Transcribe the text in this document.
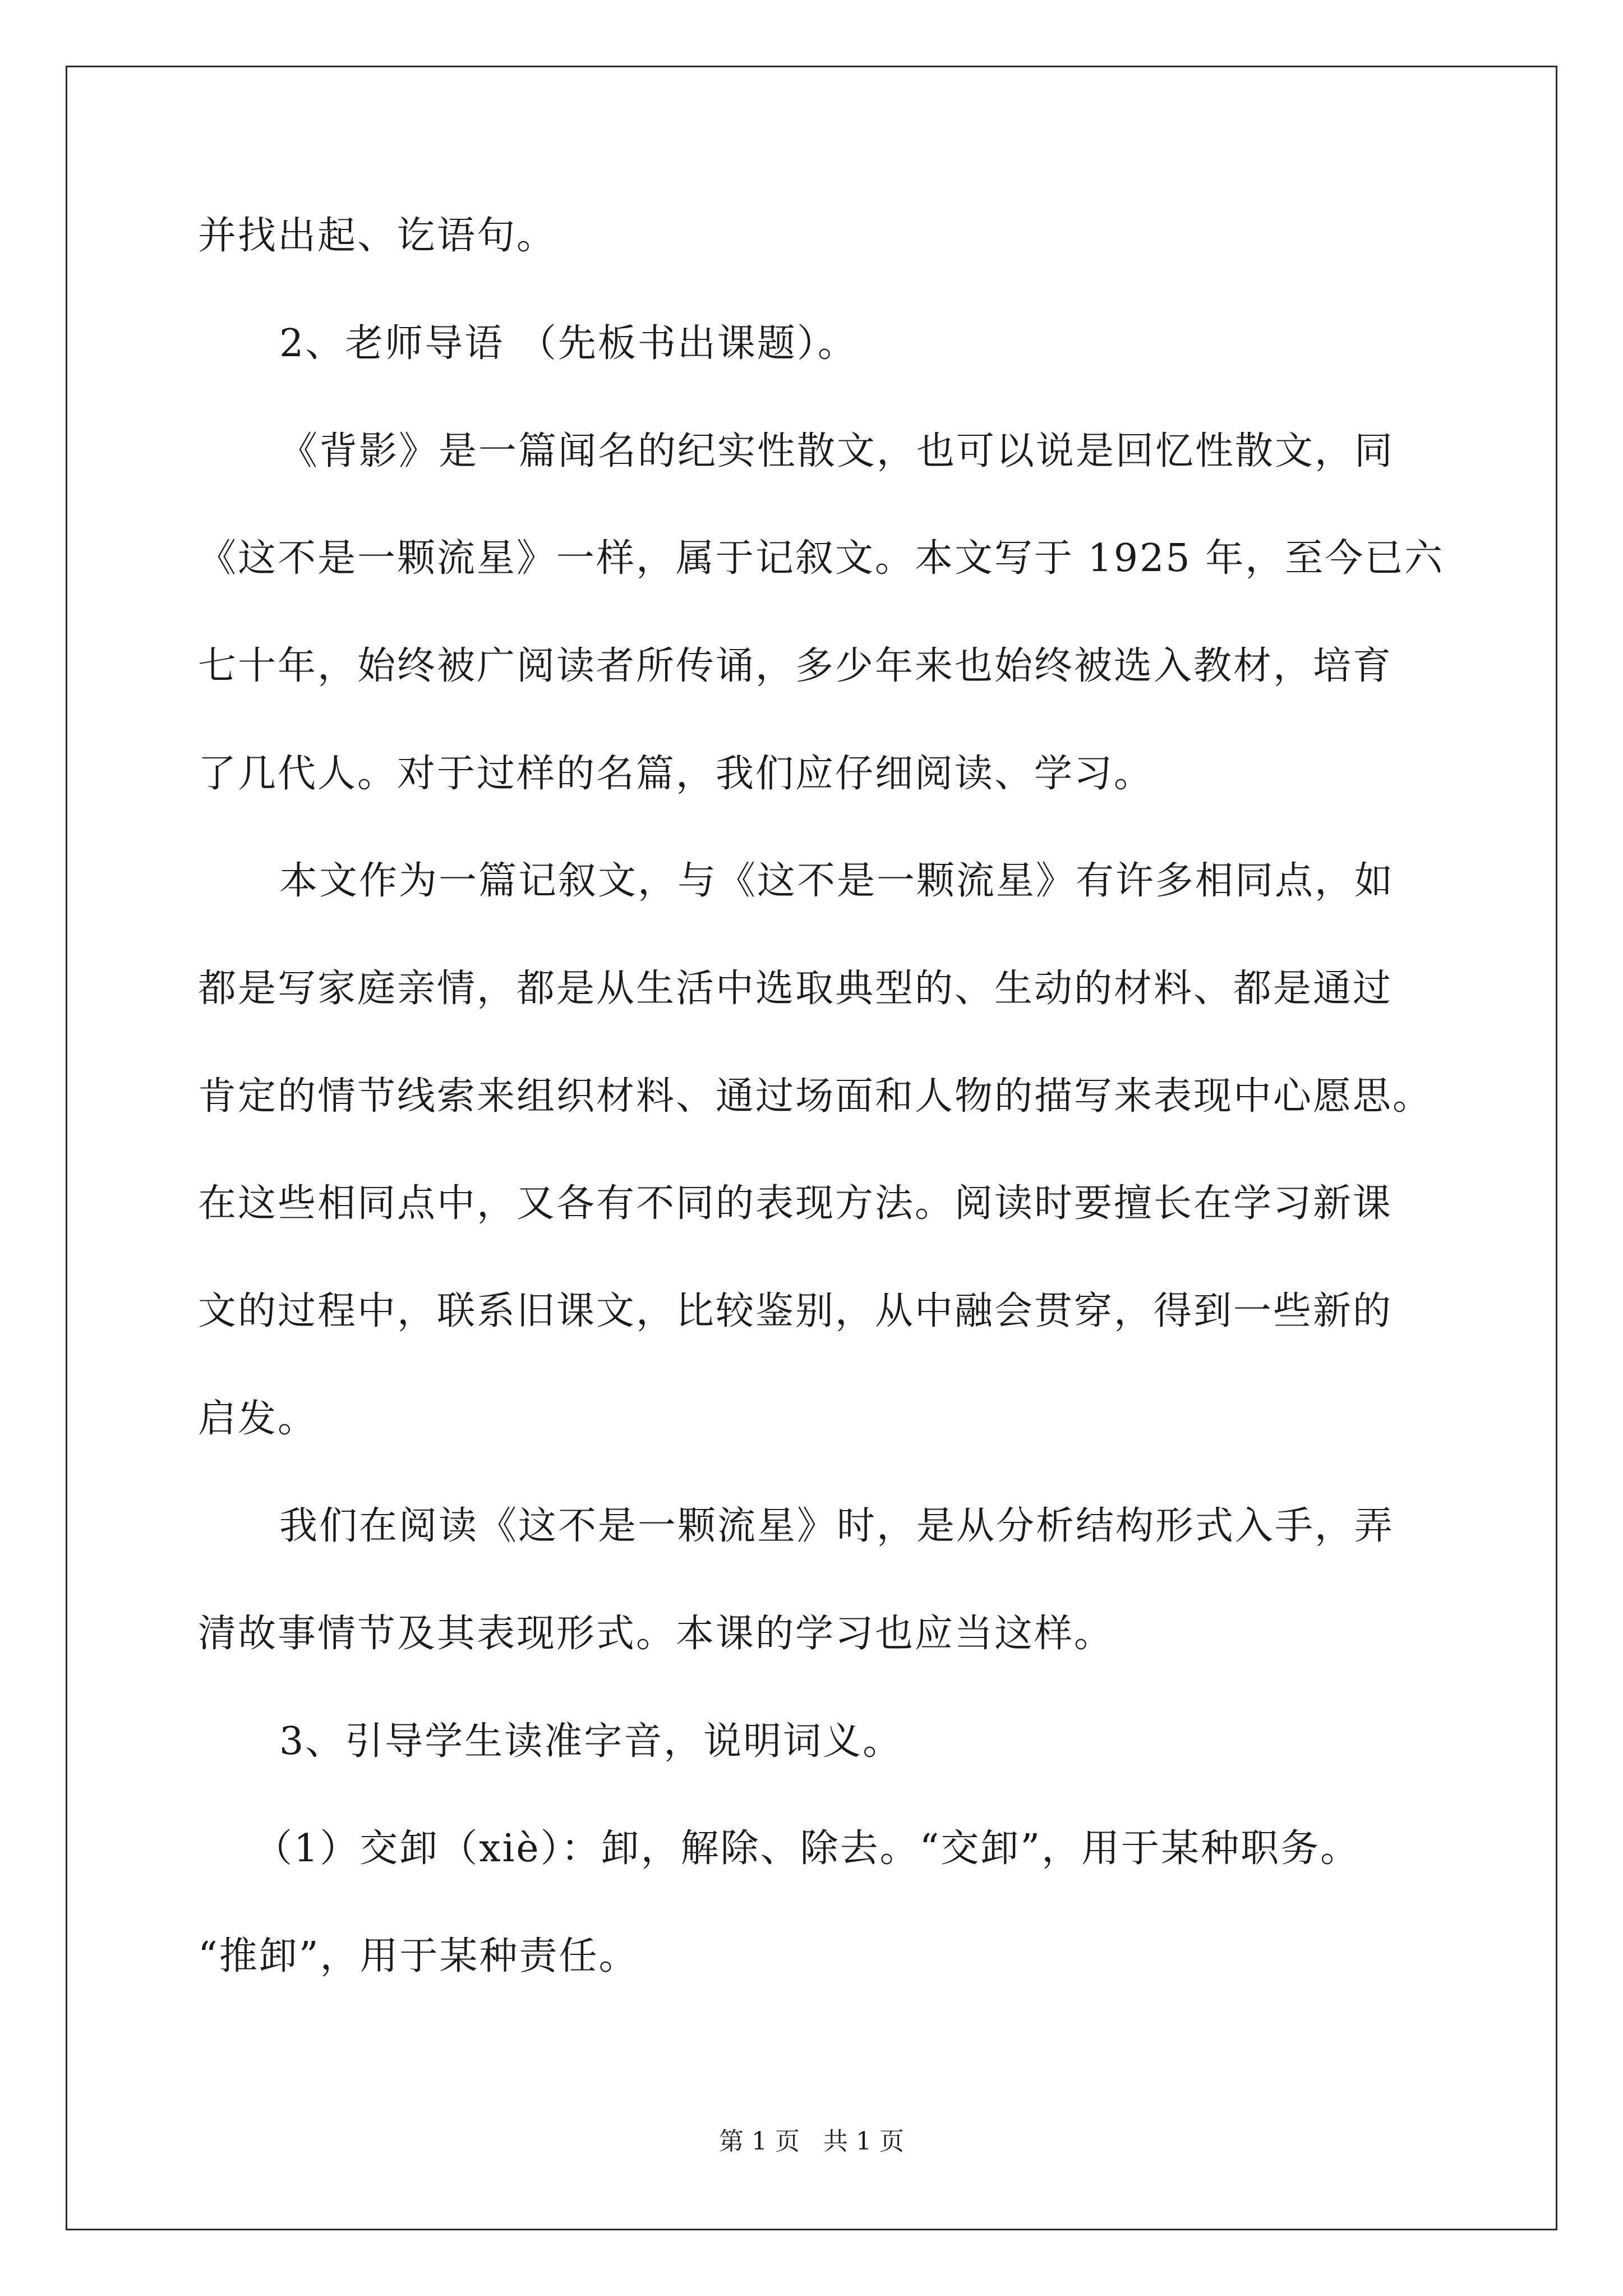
并找出起、讫语句。
2、老师导语 （先板书出课题）。
《背影》是一篇闻名的纪实性散文，也可以说是回忆性散文，同
《这不是一颗流星》一样，属于记叙文。本文写于 1925 年，至今已六
七十年，始终被广阅读者所传诵，多少年来也始终被选入教材，培育
了几代人。对于过样的名篇，我们应仔细阅读、学习。
本文作为一篇记叙文，与《这不是一颗流星》有许多相同点，如
都是写家庭亲情，都是从生活中选取典型的、生动的材料、都是通过
肯定的情节线索来组织材料、通过场面和人物的描写来表现中心愿思。
在这些相同点中，又各有不同的表现方法。阅读时要擅长在学习新课
文的过程中，联系旧课文，比较鉴别，从中融会贯穿，得到一些新的
启发。
我们在阅读《这不是一颗流星》时，是从分析结构形式入手，弄
清故事情节及其表现形式。本课的学习也应当这样。
3、引导学生读准字音，说明词义。
（1）交卸（xiè）：卸，解除、除去。“交卸”，用于某种职务。
“推卸”，用于某种责任。
第 1 页 共 1 页
